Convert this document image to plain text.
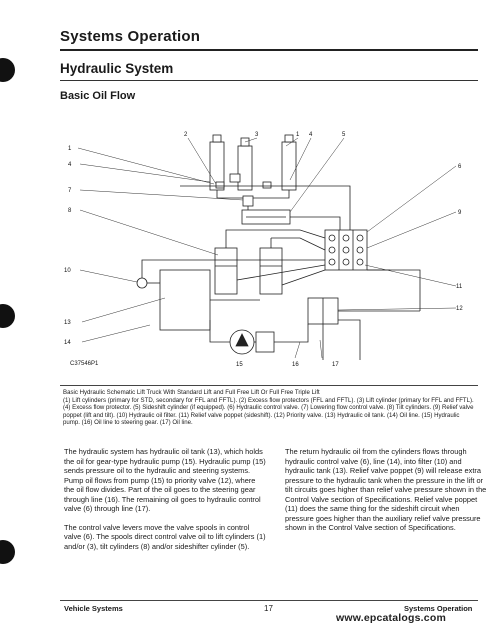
Systems Operation
Hydraulic System
Basic Oil Flow
1
4
7
8
10
13
14
2	3	1 4	5
6
9
11
12
15	16	17
C37546P1
Basic Hydraulic Schematic Lift Truck With Standard Lift and Full Free Lift Or Full Free Triple Lift
(1) Lift cylinders (primary for STD, secondary for FFL and FFTL). (2) Excess flow protectors (FFL and FFTL). (3) Lift cylinder (primary for FFL and FFTL). (4) Excess flow protector. (5) Sideshift cylinder (if equipped). (6) Hydraulic control valve. (7) Lowering flow control valve. (8) Tilt cylinders. (9) Relief valve poppet (lift and tilt). (10) Hydraulic oil filter. (11) Relief valve poppet (sideshift). (12) Priority valve. (13) Hydraulic oil tank. (14) Oil line. (15) Hydraulic pump. (16) Oil line to steering gear. (17) Oil line.

The hydraulic system has hydraulic oil tank (13), which holds the oil for gear-type hydraulic pump (15). Hydraulic pump (15) sends pressure oil to the hydraulic and steering systems. Pump oil flows from pump (15) to priority valve (12), where the oil flow divides. Part of the oil goes to the steering gear through line (16). The remaining oil goes to hydraulic control valve (6) through line (17).

The control valve levers move the valve spools in control valve (6). The spools direct control valve oil to lift cylinders (1) and/or (3), tilt cylinders (8) and/or sideshifter cylinder (5).

The return hydraulic oil from the cylinders flows through hydraulic control valve (6), line (14), into filter (10) and hydraulic tank (13). Relief valve poppet (9) will release extra pressure to the hydraulic tank when the pressure in the lift or tilt circuits goes higher than relief valve pressure shown in the Control Valve section of Specifications. Relief valve poppet (11) does the same thing for the sideshift circuit when pressure goes higher than the auxiliary relief valve pressure shown in the Control Valve section of Specifications.

Vehicle Systems	17	Systems Operation
www.epcatalogs.com
